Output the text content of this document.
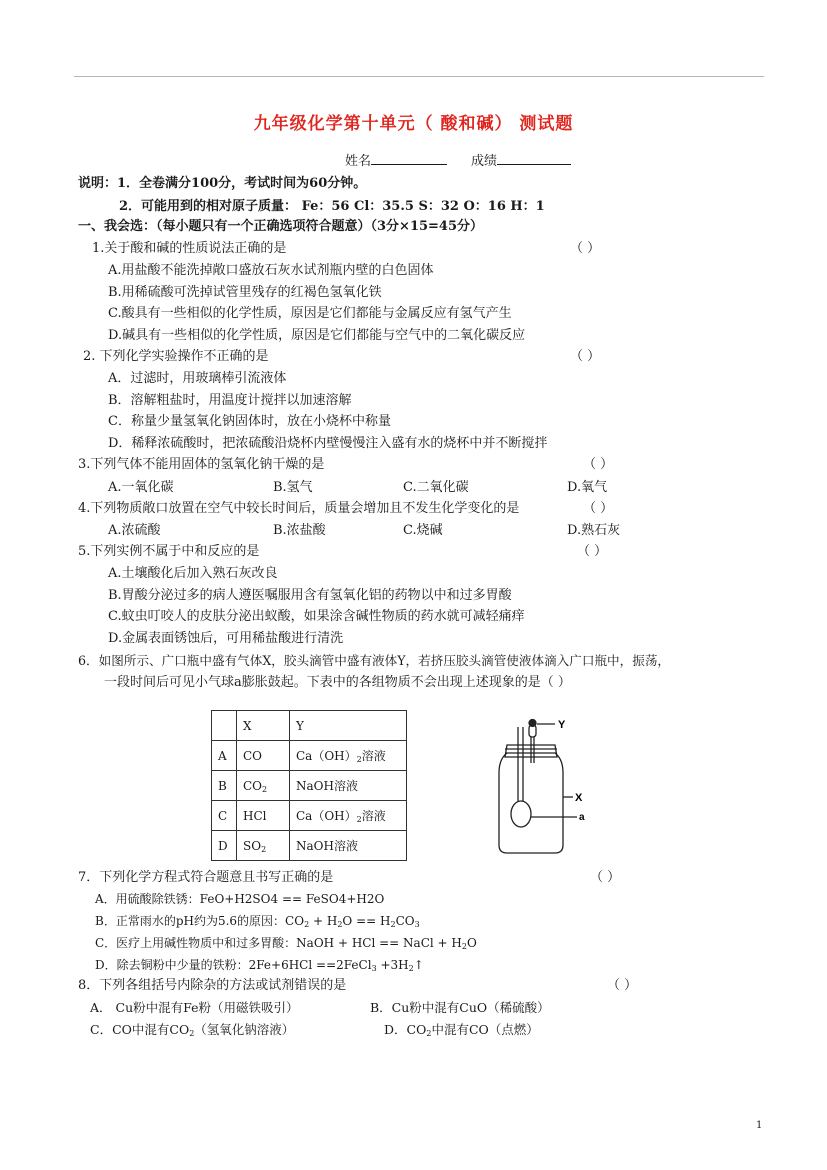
九年级化学第十单元（ 酸和碱） 测试题
姓名	成绩
说明：1．全卷满分100分，考试时间为60分钟。
2．可能用到的相对原子质量： Fe：56 Cl：35.5 S：32 O：16 H：1
一、我会选：（每小题只有一个正确选项符合题意）（3分×15=45分）
1.关于酸和碱的性质说法正确的是	（ ）
A.用盐酸不能洗掉敞口盛放石灰水试剂瓶内壁的白色固体
B.用稀硫酸可洗掉试管里残存的红褐色氢氧化铁
C.酸具有一些相似的化学性质，原因是它们都能与金属反应有氢气产生
D.碱具有一些相似的化学性质，原因是它们都能与空气中的二氧化碳反应
2. 下列化学实验操作不正确的是	（ ）
A．过滤时，用玻璃棒引流液体
B．溶解粗盐时，用温度计搅拌以加速溶解
C．称量少量氢氧化钠固体时，放在小烧杯中称量
D．稀释浓硫酸时，把浓硫酸沿烧杯内壁慢慢注入盛有水的烧杯中并不断搅拌
3.下列气体不能用固体的氢氧化钠干燥的是	（ ）
A.一氧化碳	B.氢气	C.二氧化碳	D.氧气
4.下列物质敞口放置在空气中较长时间后，质量会增加且不发生化学变化的是	（ ）
A.浓硫酸	B.浓盐酸	C.烧碱	D.熟石灰
5.下列实例不属于中和反应的是	（ ）
A.土壤酸化后加入熟石灰改良
B.胃酸分泌过多的病人遵医嘱服用含有氢氧化铝的药物以中和过多胃酸
C.蚊虫叮咬人的皮肤分泌出蚁酸，如果涂含碱性物质的药水就可减轻痛痒
D.金属表面锈蚀后，可用稀盐酸进行清洗
6．如图所示、广口瓶中盛有气体X，胶头滴管中盛有液体Y，若挤压胶头滴管使液体滴入广口瓶中，振荡，
一段时间后可见小气球a膨胀鼓起。下表中的各组物质不会出现上述现象的是（ ）
	X	Y
A	CO	$Ca(OH)_2$溶液
B	$CO_2$	NaOH溶液
C	HCl	$Ca(OH)_2$溶液
D	$SO_2$	NaOH溶液
Y
X
a
7．下列化学方程式符合题意且书写正确的是	（ ）
A．用硫酸除铁锈：FeO+H2SO4 == FeSO4+H2O
B．正常雨水的pH约为5.6的原因：$CO_2 + H_2O == H_2CO_3$
C．医疗上用碱性物质中和过多胃酸：NaOH + HCl == NaCl + $H_2O$
D．除去铜粉中少量的铁粉：2Fe+6HCl ==2FeCl$_3$ $+3H_2↑$
8．下列各组括号内除杂的方法或试剂错误的是	（ ）
A． Cu粉中混有Fe粉（用磁铁吸引）	B．Cu粉中混有CuO（稀硫酸）
C．CO中混有$CO_2$（氢氧化钠溶液）	D．$CO_2$中混有CO（点燃）
1
